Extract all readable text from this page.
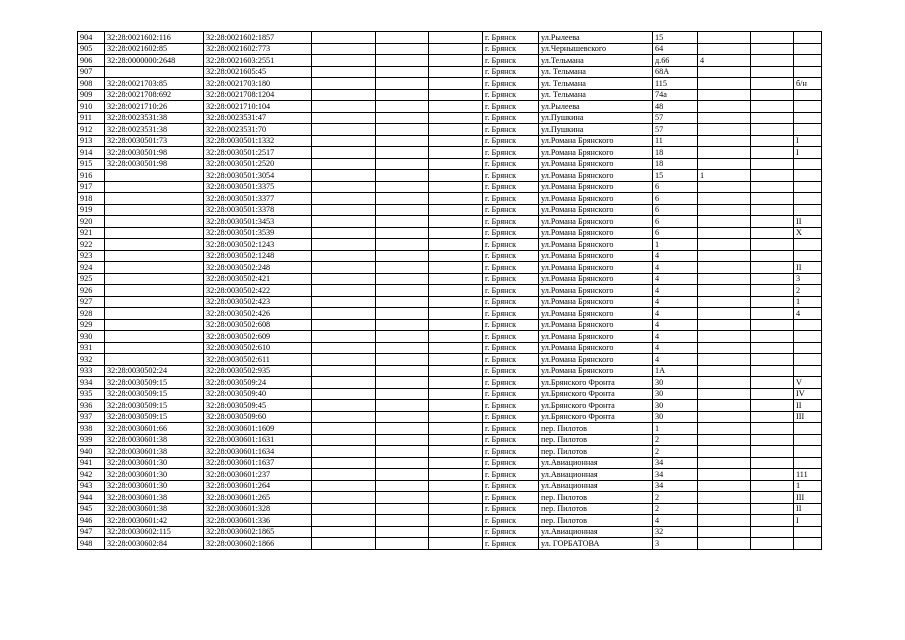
904	32:28:0021602:116	32:28:0021602:1857				г. Брянск	ул.Рылеева	15			
905	32:28:0021602:85	32:28:0021602:773				г. Брянск	ул.Чернышевского	64			
906	32:28:0000000:2648	32:28:0021603:2551				г. Брянск	ул.Тельмана	д.66	4		
907		32:28:0021605:45				г. Брянск	ул. Тельмана	68А			
908	32:28:0021703:85	32:28:0021703:180				г. Брянск	ул. Тельмана	115			б/н
909	32:28:0021708:692	32:28:0021708:1204				г. Брянск	ул. Тельмана	74а			
910	32:28:0021710:26	32:28:0021710:104				г. Брянск	ул.Рылеева	48			
911	32:28:0023531:38	32:28:0023531:47				г. Брянск	ул.Пушкина	57			
912	32:28:0023531:38	32:28:0023531:70				г. Брянск	ул.Пушкина	57			
913	32:28:0030501:73	32:28:0030501:1332				г. Брянск	ул.Романа Брянского	11			I
914	32:28:0030501:98	32:28:0030501:2517				г. Брянск	ул.Романа Брянского	18			I
915	32:28:0030501:98	32:28:0030501:2520				г. Брянск	ул.Романа Брянского	18			
916		32:28:0030501:3054				г. Брянск	ул.Романа Брянского	15	1		
917		32:28:0030501:3375				г. Брянск	ул.Романа Брянского	6			
918		32:28:0030501:3377				г. Брянск	ул.Романа Брянского	6			
919		32:28:0030501:3378				г. Брянск	ул.Романа Брянского	6			
920		32:28:0030501:3453				г. Брянск	ул.Романа Брянского	6			II
921		32:28:0030501:3539				г. Брянск	ул.Романа Брянского	6			X
922		32:28:0030502:1243				г. Брянск	ул.Романа Брянского	1			
923		32:28:0030502:1248				г. Брянск	ул.Романа Брянского	4			
924		32:28:0030502:248				г. Брянск	ул.Романа Брянского	4			II
925		32:28:0030502:421				г. Брянск	ул.Романа Брянского	4			3
926		32:28:0030502:422				г. Брянск	ул.Романа Брянского	4			2
927		32:28:0030502:423				г. Брянск	ул.Романа Брянского	4			1
928		32:28:0030502:426				г. Брянск	ул.Романа Брянского	4			4
929		32:28:0030502:608				г. Брянск	ул.Романа Брянского	4			
930		32:28:0030502:609				г. Брянск	ул.Романа Брянского	4			
931		32:28:0030502:610				г. Брянск	ул.Романа Брянского	4			
932		32:28:0030502:611				г. Брянск	ул.Романа Брянского	4			
933	32:28:0030502:24	32:28:0030502:935				г. Брянск	ул.Романа Брянского	1А			
934	32:28:0030509:15	32:28:0030509:24				г. Брянск	ул.Брянского Фронта	30			V
935	32:28:0030509:15	32:28:0030509:40				г. Брянск	ул.Брянского Фронта	30			IV
936	32:28:0030509:15	32:28:0030509:45				г. Брянск	ул.Брянского Фронта	30			II
937	32:28:0030509:15	32:28:0030509:60				г. Брянск	ул.Брянского Фронта	30			III
938	32:28:0030601:66	32:28:0030601:1609				г. Брянск	пер. Пилотов	1			
939	32:28:0030601:38	32:28:0030601:1631				г. Брянск	пер. Пилотов	2			
940	32:28:0030601:38	32:28:0030601:1634				г. Брянск	пер. Пилотов	2			
941	32:28:0030601:30	32:28:0030601:1637				г. Брянск	ул.Авиационная	34			
942	32:28:0030601:30	32:28:0030601:237				г. Брянск	ул.Авиационная	34			111
943	32:28:0030601:30	32:28:0030601:264				г. Брянск	ул.Авиационная	34			1
944	32:28:0030601:38	32:28:0030601:265				г. Брянск	пер. Пилотов	2			III
945	32:28:0030601:38	32:28:0030601:328				г. Брянск	пер. Пилотов	2			II
946	32:28:0030601:42	32:28:0030601:336				г. Брянск	пер. Пилотов	4			I
947	32:28:0030602:115	32:28:0030602:1865				г. Брянск	ул.Авиационная	32			
948	32:28:0030602:84	32:28:0030602:1866				г. Брянск	ул. ГОРБАТОВА	3			
